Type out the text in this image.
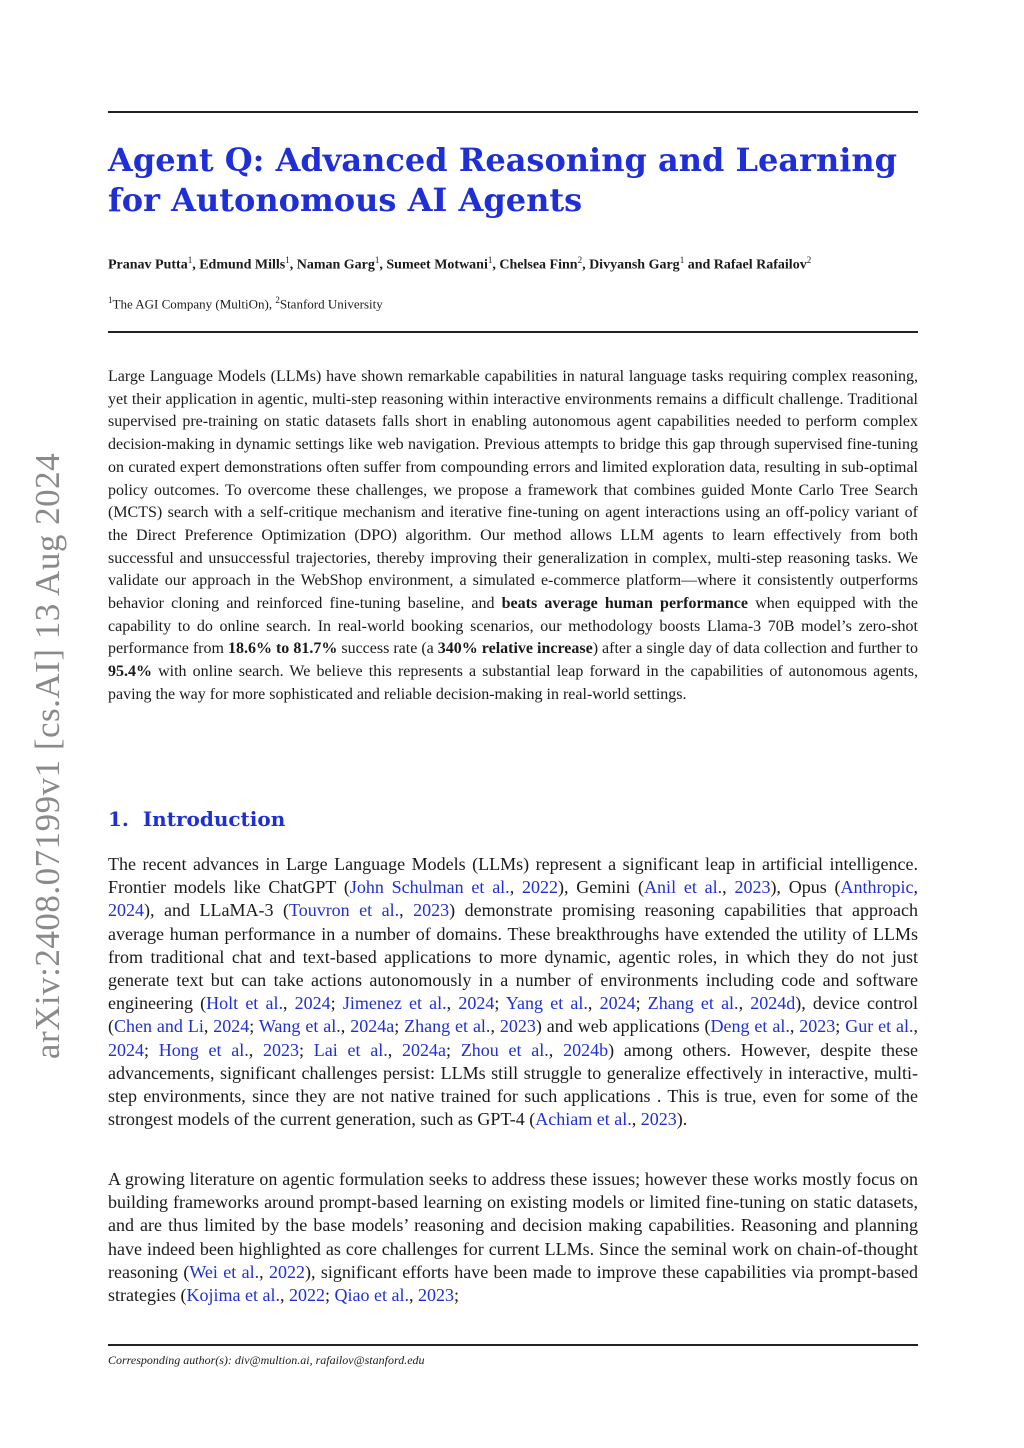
Agent Q: Advanced Reasoning and Learning
for Autonomous AI Agents
Pranav Putta$^1$, Edmund Mills$^1$, Naman Garg$^1$, Sumeet Motwani$^1$, Chelsea Finn$^2$, Divyansh Garg$^1$ and Rafael Rafailov$^2$
$^1$The AGI Company (MultiOn), $^2$Stanford University
arXiv:2408.07199v1 [cs.AI] 13 Aug 2024

Large Language Models (LLMs) have shown remarkable capabilities in natural language tasks requiring complex reasoning, yet their application in agentic, multi-step reasoning within interactive environments remains a difficult challenge. Traditional supervised pre-training on static datasets falls short in enabling autonomous agent capabilities needed to perform complex decision-making in dynamic settings like web navigation. Previous attempts to bridge this gap through supervised fine-tuning on curated expert demonstrations often suffer from compounding errors and limited exploration data, resulting in sub-optimal policy outcomes. To overcome these challenges, we propose a framework that combines guided Monte Carlo Tree Search (MCTS) search with a self-critique mechanism and iterative fine-tuning on agent interactions using an off-policy variant of the Direct Preference Optimization (DPO) algorithm. Our method allows LLM agents to learn effectively from both successful and unsuccessful trajectories, thereby improving their generalization in complex, multi-step reasoning tasks. We validate our approach in the WebShop environment, a simulated e-commerce platform—where it consistently outperforms behavior cloning and reinforced fine-tuning baseline, and beats average human performance when equipped with the capability to do online search. In real-world booking scenarios, our methodology boosts Llama-3 70B model’s zero-shot performance from 18.6% to 81.7% success rate (a 340% relative increase) after a single day of data collection and further to 95.4% with online search. We believe this represents a substantial leap forward in the capabilities of autonomous agents, paving the way for more sophisticated and reliable decision-making in real-world settings.

1. Introduction

The recent advances in Large Language Models (LLMs) represent a significant leap in artificial intelligence. Frontier models like ChatGPT (John Schulman et al., 2022), Gemini (Anil et al., 2023), Opus (Anthropic, 2024), and LLaMA-3 (Touvron et al., 2023) demonstrate promising reasoning capabilities that approach average human performance in a number of domains. These breakthroughs have extended the utility of LLMs from traditional chat and text-based applications to more dynamic, agentic roles, in which they do not just generate text but can take actions autonomously in a number of environments including code and software engineering (Holt et al., 2024; Jimenez et al., 2024; Yang et al., 2024; Zhang et al., 2024d), device control (Chen and Li, 2024; Wang et al., 2024a; Zhang et al., 2023) and web applications (Deng et al., 2023; Gur et al., 2024; Hong et al., 2023; Lai et al., 2024a; Zhou et al., 2024b) among others. However, despite these advancements, significant challenges persist: LLMs still struggle to generalize effectively in interactive, multi-step environments, since they are not native trained for such applications . This is true, even for some of the strongest models of the current generation, such as GPT-4 (Achiam et al., 2023).

A growing literature on agentic formulation seeks to address these issues; however these works mostly focus on building frameworks around prompt-based learning on existing models or limited fine-tuning on static datasets, and are thus limited by the base models’ reasoning and decision making capabilities. Reasoning and planning have indeed been highlighted as core challenges for current LLMs. Since the seminal work on chain-of-thought reasoning (Wei et al., 2022), significant efforts have been made to improve these capabilities via prompt-based strategies (Kojima et al., 2022; Qiao et al., 2023;

Corresponding author(s): div@multion.ai, rafailov@stanford.edu
